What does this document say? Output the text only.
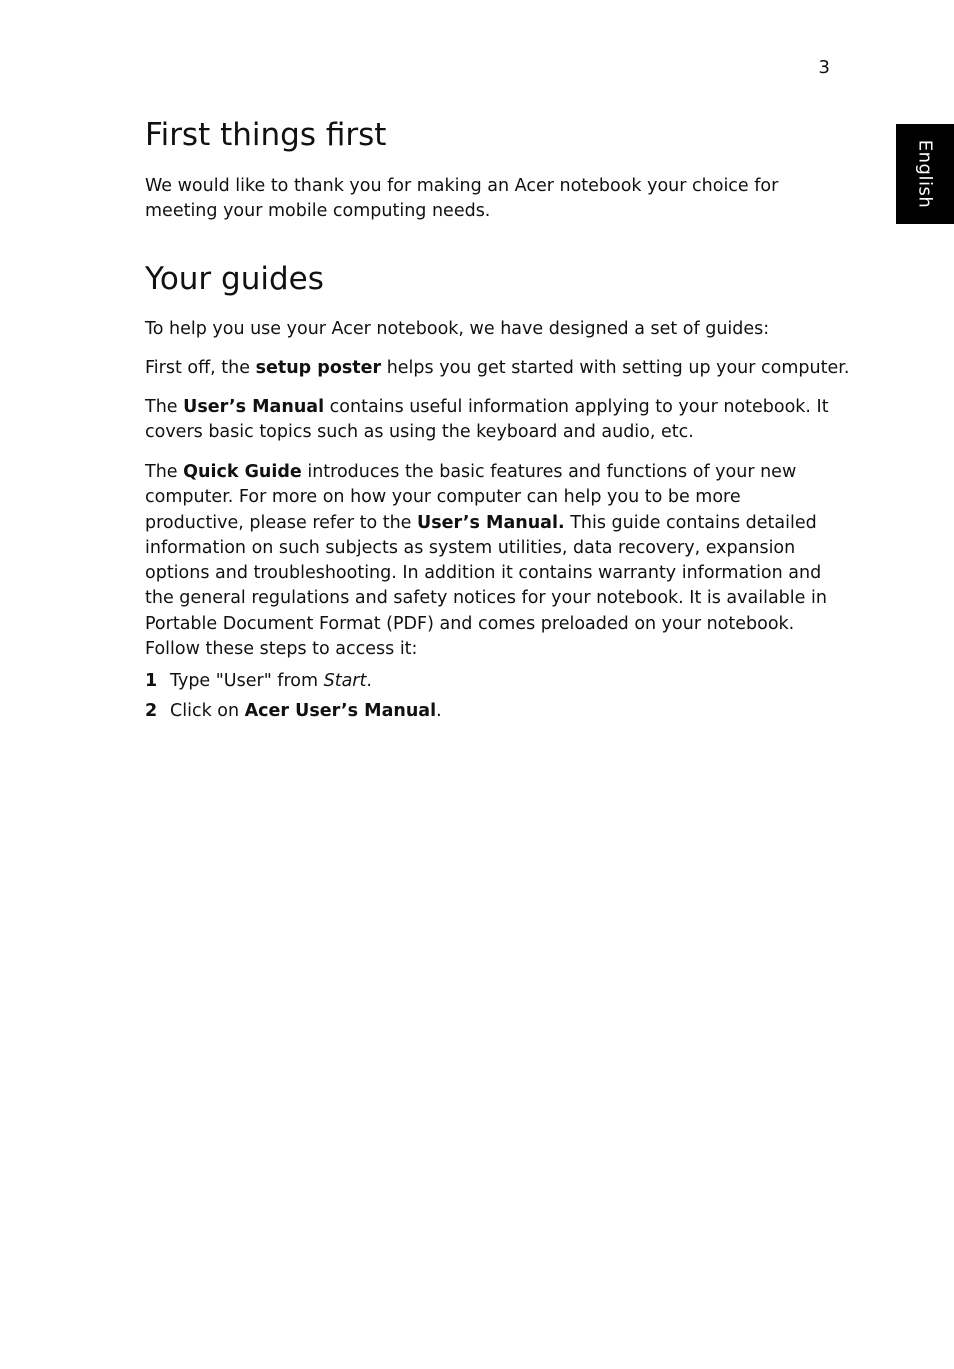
3
English
First things first

We would like to thank you for making an Acer notebook your choice for meeting your mobile computing needs.

Your guides

To help you use your Acer notebook, we have designed a set of guides:

First off, the setup poster helps you get started with setting up your computer.

The User’s Manual contains useful information applying to your notebook. It covers basic topics such as using the keyboard and audio, etc.

The Quick Guide introduces the basic features and functions of your new computer. For more on how your computer can help you to be more productive, please refer to the User’s Manual. This guide contains detailed information on such subjects as system utilities, data recovery, expansion options and troubleshooting. In addition it contains warranty information and the general regulations and safety notices for your notebook. It is available in Portable Document Format (PDF) and comes preloaded on your notebook. Follow these steps to access it:

1 Type "User" from Start.
2 Click on Acer User’s Manual.
